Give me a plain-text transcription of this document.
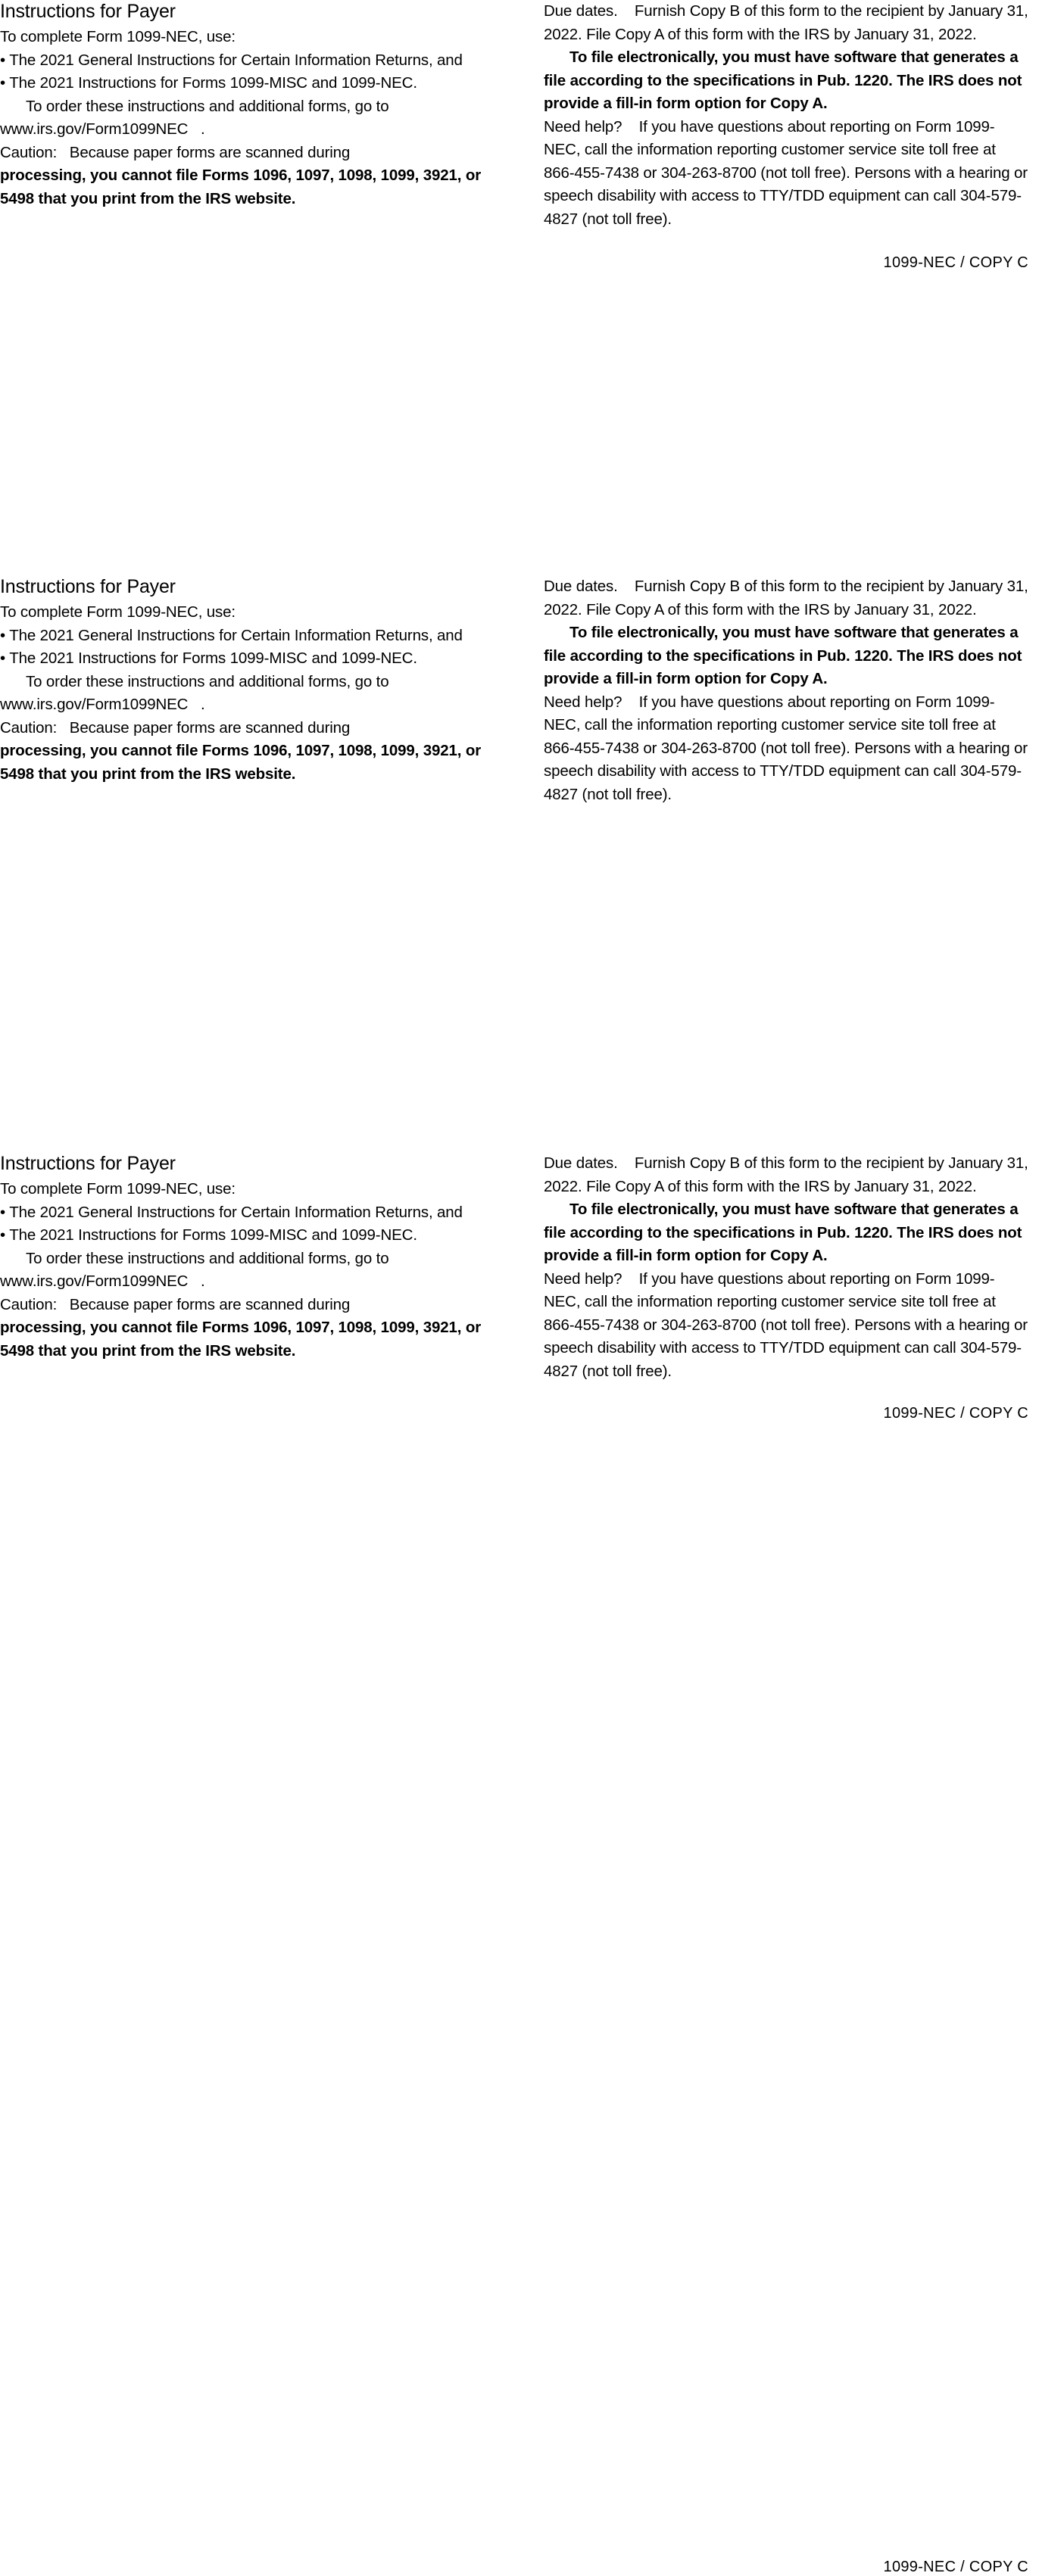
Instructions for Payer

To complete Form 1099-NEC, use:

• The 2021 General Instructions for Certain Information Returns, and

• The 2021 Instructions for Forms 1099-MISC and 1099-NEC.

To order these instructions and additional forms, go to www.irs.gov/Form1099NEC   .

Caution: Because paper forms are scanned during

processing, you cannot file Forms 1096, 1097, 1098, 1099, 3921, or 5498 that you print from the IRS website.

Due dates. Furnish Copy B of this form to the recipient by January 31, 2022. File Copy A of this form with the IRS by January 31, 2022.

To file electronically, you must have software that generates a file according to the specifications in Pub. 1220. The IRS does not provide a fill-in form option for Copy A.

Need help? If you have questions about reporting on Form 1099-NEC, call the information reporting customer service site toll free at 866-455-7438 or 304-263-8700 (not toll free). Persons with a hearing or speech disability with access to TTY/TDD equipment can call 304-579-4827 (not toll free).

1099-NEC / COPY C
Instructions for Payer

To complete Form 1099-NEC, use:

• The 2021 General Instructions for Certain Information Returns, and

• The 2021 Instructions for Forms 1099-MISC and 1099-NEC.

To order these instructions and additional forms, go to www.irs.gov/Form1099NEC   .

Caution: Because paper forms are scanned during

processing, you cannot file Forms 1096, 1097, 1098, 1099, 3921, or 5498 that you print from the IRS website.

Due dates. Furnish Copy B of this form to the recipient by January 31, 2022. File Copy A of this form with the IRS by January 31, 2022.

To file electronically, you must have software that generates a file according to the specifications in Pub. 1220. The IRS does not provide a fill-in form option for Copy A.

Need help? If you have questions about reporting on Form 1099-NEC, call the information reporting customer service site toll free at 866-455-7438 or 304-263-8700 (not toll free). Persons with a hearing or speech disability with access to TTY/TDD equipment can call 304-579-4827 (not toll free).

1099-NEC / COPY C
Instructions for Payer

To complete Form 1099-NEC, use:

• The 2021 General Instructions for Certain Information Returns, and

• The 2021 Instructions for Forms 1099-MISC and 1099-NEC.

To order these instructions and additional forms, go to www.irs.gov/Form1099NEC   .

Caution: Because paper forms are scanned during

processing, you cannot file Forms 1096, 1097, 1098, 1099, 3921, or 5498 that you print from the IRS website.

Due dates. Furnish Copy B of this form to the recipient by January 31, 2022. File Copy A of this form with the IRS by January 31, 2022.

To file electronically, you must have software that generates a file according to the specifications in Pub. 1220. The IRS does not provide a fill-in form option for Copy A.

Need help? If you have questions about reporting on Form 1099-NEC, call the information reporting customer service site toll free at 866-455-7438 or 304-263-8700 (not toll free). Persons with a hearing or speech disability with access to TTY/TDD equipment can call 304-579-4827 (not toll free).

1099-NEC / COPY C
